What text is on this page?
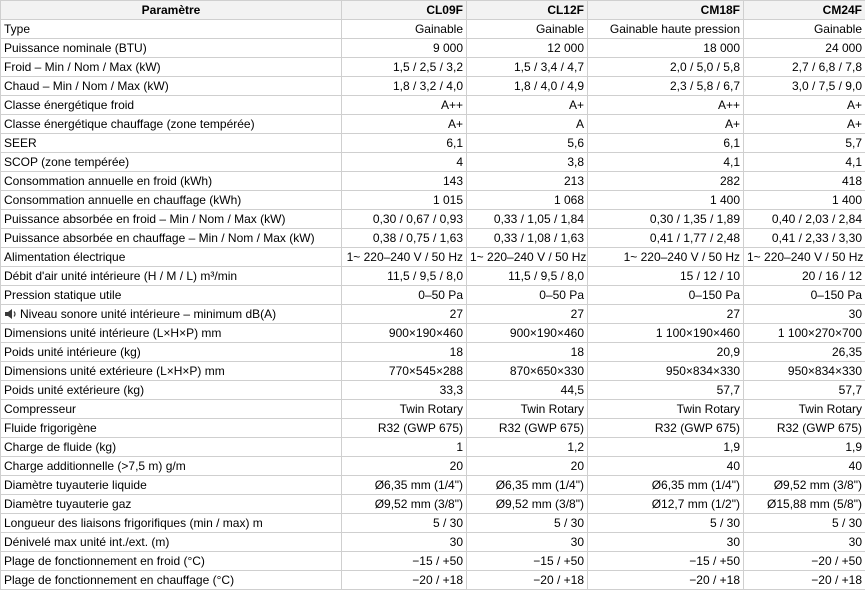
Paramètre	CL09F	CL12F	CM18F	CM24F
Type	Gainable	Gainable	Gainable haute pression	Gainable
Puissance nominale (BTU)	9 000	12 000	18 000	24 000
Froid – Min / Nom / Max (kW)	1,5 / 2,5 / 3,2	1,5 / 3,4 / 4,7	2,0 / 5,0 / 5,8	2,7 / 6,8 / 7,8
Chaud – Min / Nom / Max (kW)	1,8 / 3,2 / 4,0	1,8 / 4,0 / 4,9	2,3 / 5,8 / 6,7	3,0 / 7,5 / 9,0
Classe énergétique froid	A++	A+	A++	A+
Classe énergétique chauffage (zone tempérée)	A+	A	A+	A+
SEER	6,1	5,6	6,1	5,7
SCOP (zone tempérée)	4	3,8	4,1	4,1
Consommation annuelle en froid (kWh)	143	213	282	418
Consommation annuelle en chauffage (kWh)	1 015	1 068	1 400	1 400
Puissance absorbée en froid – Min / Nom / Max (kW)	0,30 / 0,67 / 0,93	0,33 / 1,05 / 1,84	0,30 / 1,35 / 1,89	0,40 / 2,03 / 2,84
Puissance absorbée en chauffage – Min / Nom / Max (kW)	0,38 / 0,75 / 1,63	0,33 / 1,08 / 1,63	0,41 / 1,77 / 2,48	0,41 / 2,33 / 3,30
Alimentation électrique	1~ 220–240 V / 50 Hz	1~ 220–240 V / 50 Hz	1~ 220–240 V / 50 Hz	1~ 220–240 V / 50 Hz
Débit d'air unité intérieure (H / M / L) m³/min	11,5 / 9,5 / 8,0	11,5 / 9,5 / 8,0	15 / 12 / 10	20 / 16 / 12
Pression statique utile	0–50 Pa	0–50 Pa	0–150 Pa	0–150 Pa
Niveau sonore unité intérieure – minimum dB(A)	27	27	27	30
Dimensions unité intérieure (L×H×P) mm	900×190×460	900×190×460	1 100×190×460	1 100×270×700
Poids unité intérieure (kg)	18	18	20,9	26,35
Dimensions unité extérieure (L×H×P) mm	770×545×288	870×650×330	950×834×330	950×834×330
Poids unité extérieure (kg)	33,3	44,5	57,7	57,7
Compresseur	Twin Rotary	Twin Rotary	Twin Rotary	Twin Rotary
Fluide frigorigène	R32 (GWP 675)	R32 (GWP 675)	R32 (GWP 675)	R32 (GWP 675)
Charge de fluide (kg)	1	1,2	1,9	1,9
Charge additionnelle (>7,5 m) g/m	20	20	40	40
Diamètre tuyauterie liquide	Ø6,35 mm (1/4")	Ø6,35 mm (1/4")	Ø6,35 mm (1/4")	Ø9,52 mm (3/8")
Diamètre tuyauterie gaz	Ø9,52 mm (3/8")	Ø9,52 mm (3/8")	Ø12,7 mm (1/2")	Ø15,88 mm (5/8")
Longueur des liaisons frigorifiques (min / max) m	5 / 30	5 / 30	5 / 30	5 / 30
Dénivelé max unité int./ext. (m)	30	30	30	30
Plage de fonctionnement en froid (°C)	−15 / +50	−15 / +50	−15 / +50	−20 / +50
Plage de fonctionnement en chauffage (°C)	−20 / +18	−20 / +18	−20 / +18	−20 / +18
